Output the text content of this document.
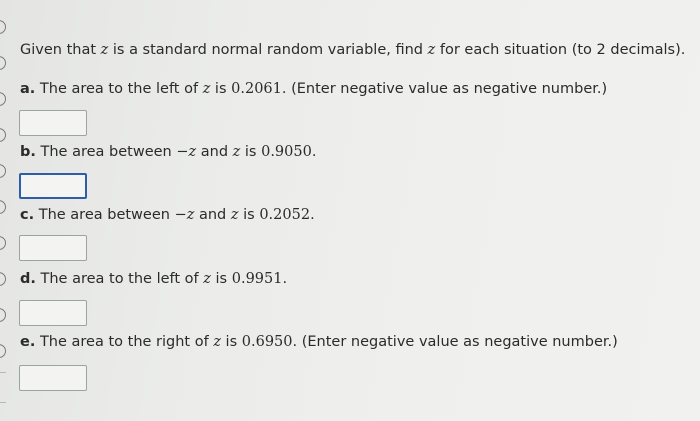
Given that z is a standard normal random variable, find z for each situation (to 2 decimals).
a. The area to the left of z is 0.2061. (Enter negative value as negative number.)
b. The area between −z and z is 0.9050.
c. The area between −z and z is 0.2052.
d. The area to the left of z is 0.9951.
e. The area to the right of z is 0.6950. (Enter negative value as negative number.)
